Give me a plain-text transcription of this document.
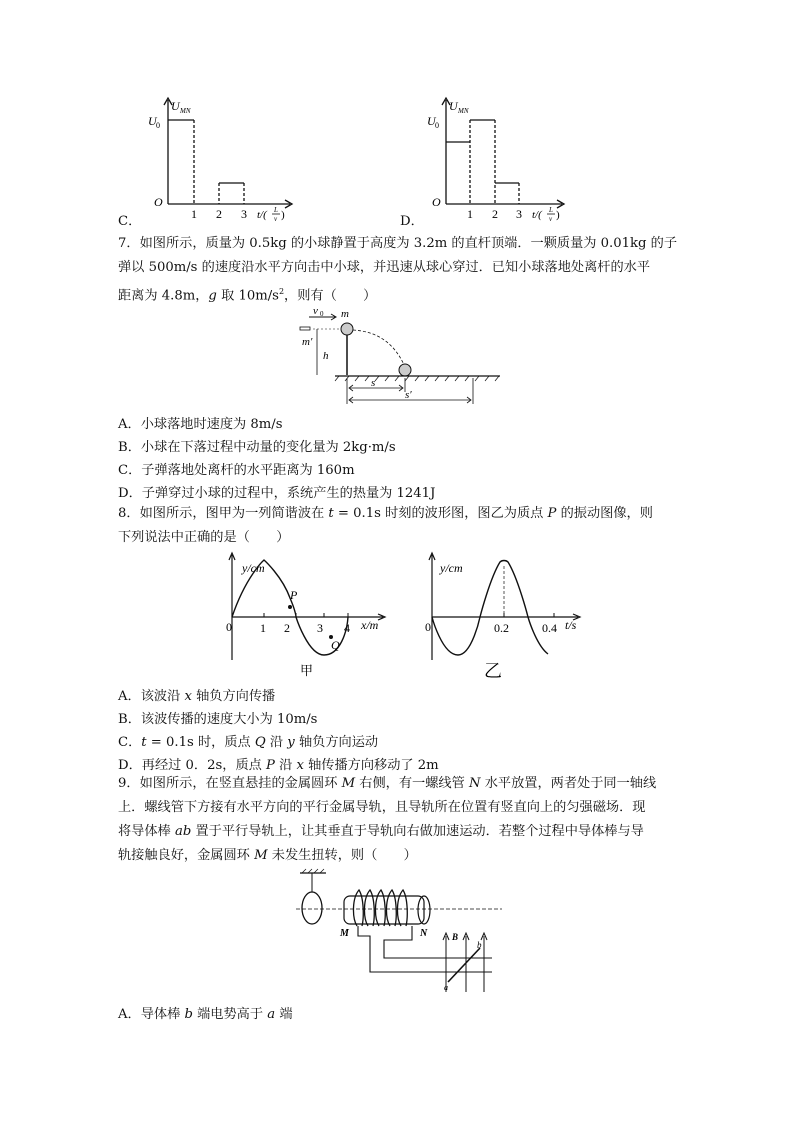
U MN
U 0
O
1 2 3 t/( L
v )
C．
U MN
U 0
O
1 2 3 t/( L
v )
D．
7．如图所示，质量为 0.5kg 的小球静置于高度为 3.2m 的直杆顶端．一颗质量为 0.01kg 的子
弹以 500m/s 的速度沿水平方向击中小球，并迅速从球心穿过．已知小球落地处离杆的水平
距离为 4.8m，g 取 $10m/s^2$，则有（　　）
v 0
m′
m
h
s
s′
A．小球落地时速度为 8m/s
B．小球在下落过程中动量的变化量为 2kg·m/s
C．子弹落地处离杆的水平距离为 160m
D．子弹穿过小球的过程中，系统产生的热量为 1241J
8．如图所示，图甲为一列简谐波在 t = 0.1s 时刻的波形图，图乙为质点 P 的振动图像，则
下列说法中正确的是（　　）
y/cm
x/m
0 1 2 3 4
P
Q
甲
y/cm
t/s
0	0.2	0.4
乙
A．该波沿 x 轴负方向传播
B．该波传播的速度大小为 10m/s
C．t = 0.1s 时，质点 Q 沿 y 轴负方向运动
D．再经过 0．2s，质点 P 沿 x 轴传播方向移动了 2m
9．如图所示，在竖直悬挂的金属圆环 M 右侧，有一螺线管 N 水平放置，两者处于同一轴线
上．螺线管下方接有水平方向的平行金属导轨，且导轨所在位置有竖直向上的匀强磁场．现
将导体棒 ab 置于平行导轨上，让其垂直于导轨向右做加速运动．若整个过程中导体棒与导
轨接触良好，金属圆环 M 未发生扭转，则（　　）
M	N	B
a
b
A．导体棒 b 端电势高于 a 端
